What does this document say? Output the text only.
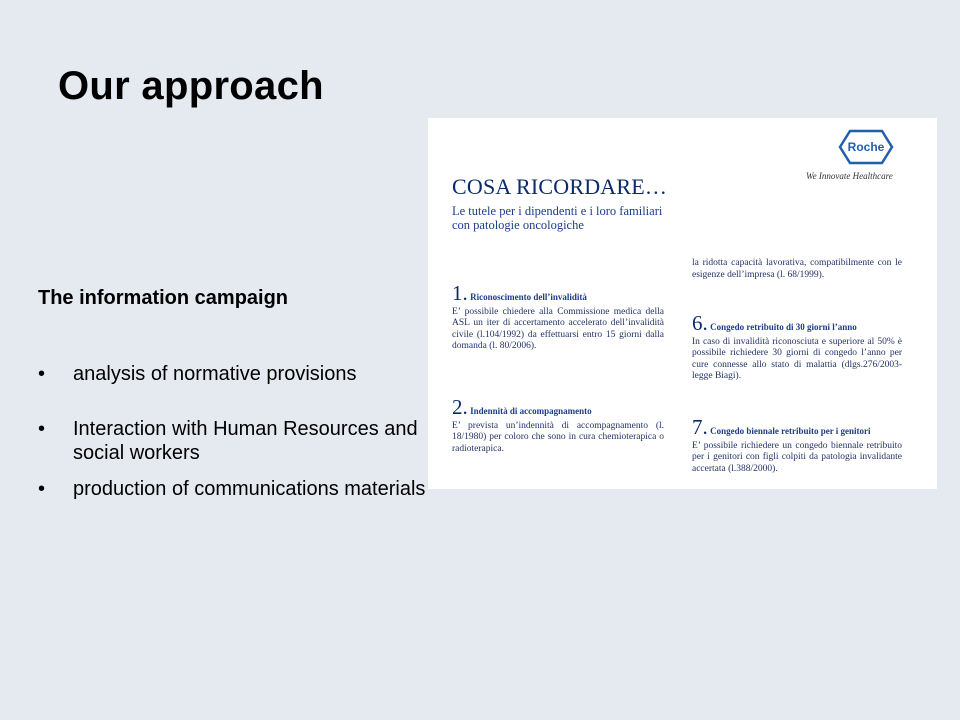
Our approach
The information campaign
• analysis of normative provisions
• Interaction with Human Resources and social workers
• production of communications materials
Roche
We Innovate Healthcare
COSA RICORDARE…
Le tutele per i dipendenti e i loro familiari con patologie oncologiche
1. Riconoscimento dell’invalidità
E’ possibile chiedere alla Commissione medica della ASL un iter di accertamento accelerato dell’invalidità civile (l.104/1992) da effettuarsi entro 15 giorni dalla domanda (l. 80/2006).
2. Indennità di accompagnamento
E’ prevista un’indennità di accompagnamento (l. 18/1980) per coloro che sono in cura chemioterapica o radioterapica.
la ridotta capacità lavorativa, compatibilmente con le esigenze dell’impresa (l. 68/1999).
6. Congedo retribuito di 30 giorni l’anno
In caso di invalidità riconosciuta e superiore al 50% è possibile richiedere 30 giorni di congedo l’anno per cure connesse allo stato di malattia (dlgs.276/2003-legge Biagi).
7. Congedo biennale retribuito per i genitori
E’ possibile richiedere un congedo biennale retribuito per i genitori con figli colpiti da patologia invalidante accertata (l.388/2000).
